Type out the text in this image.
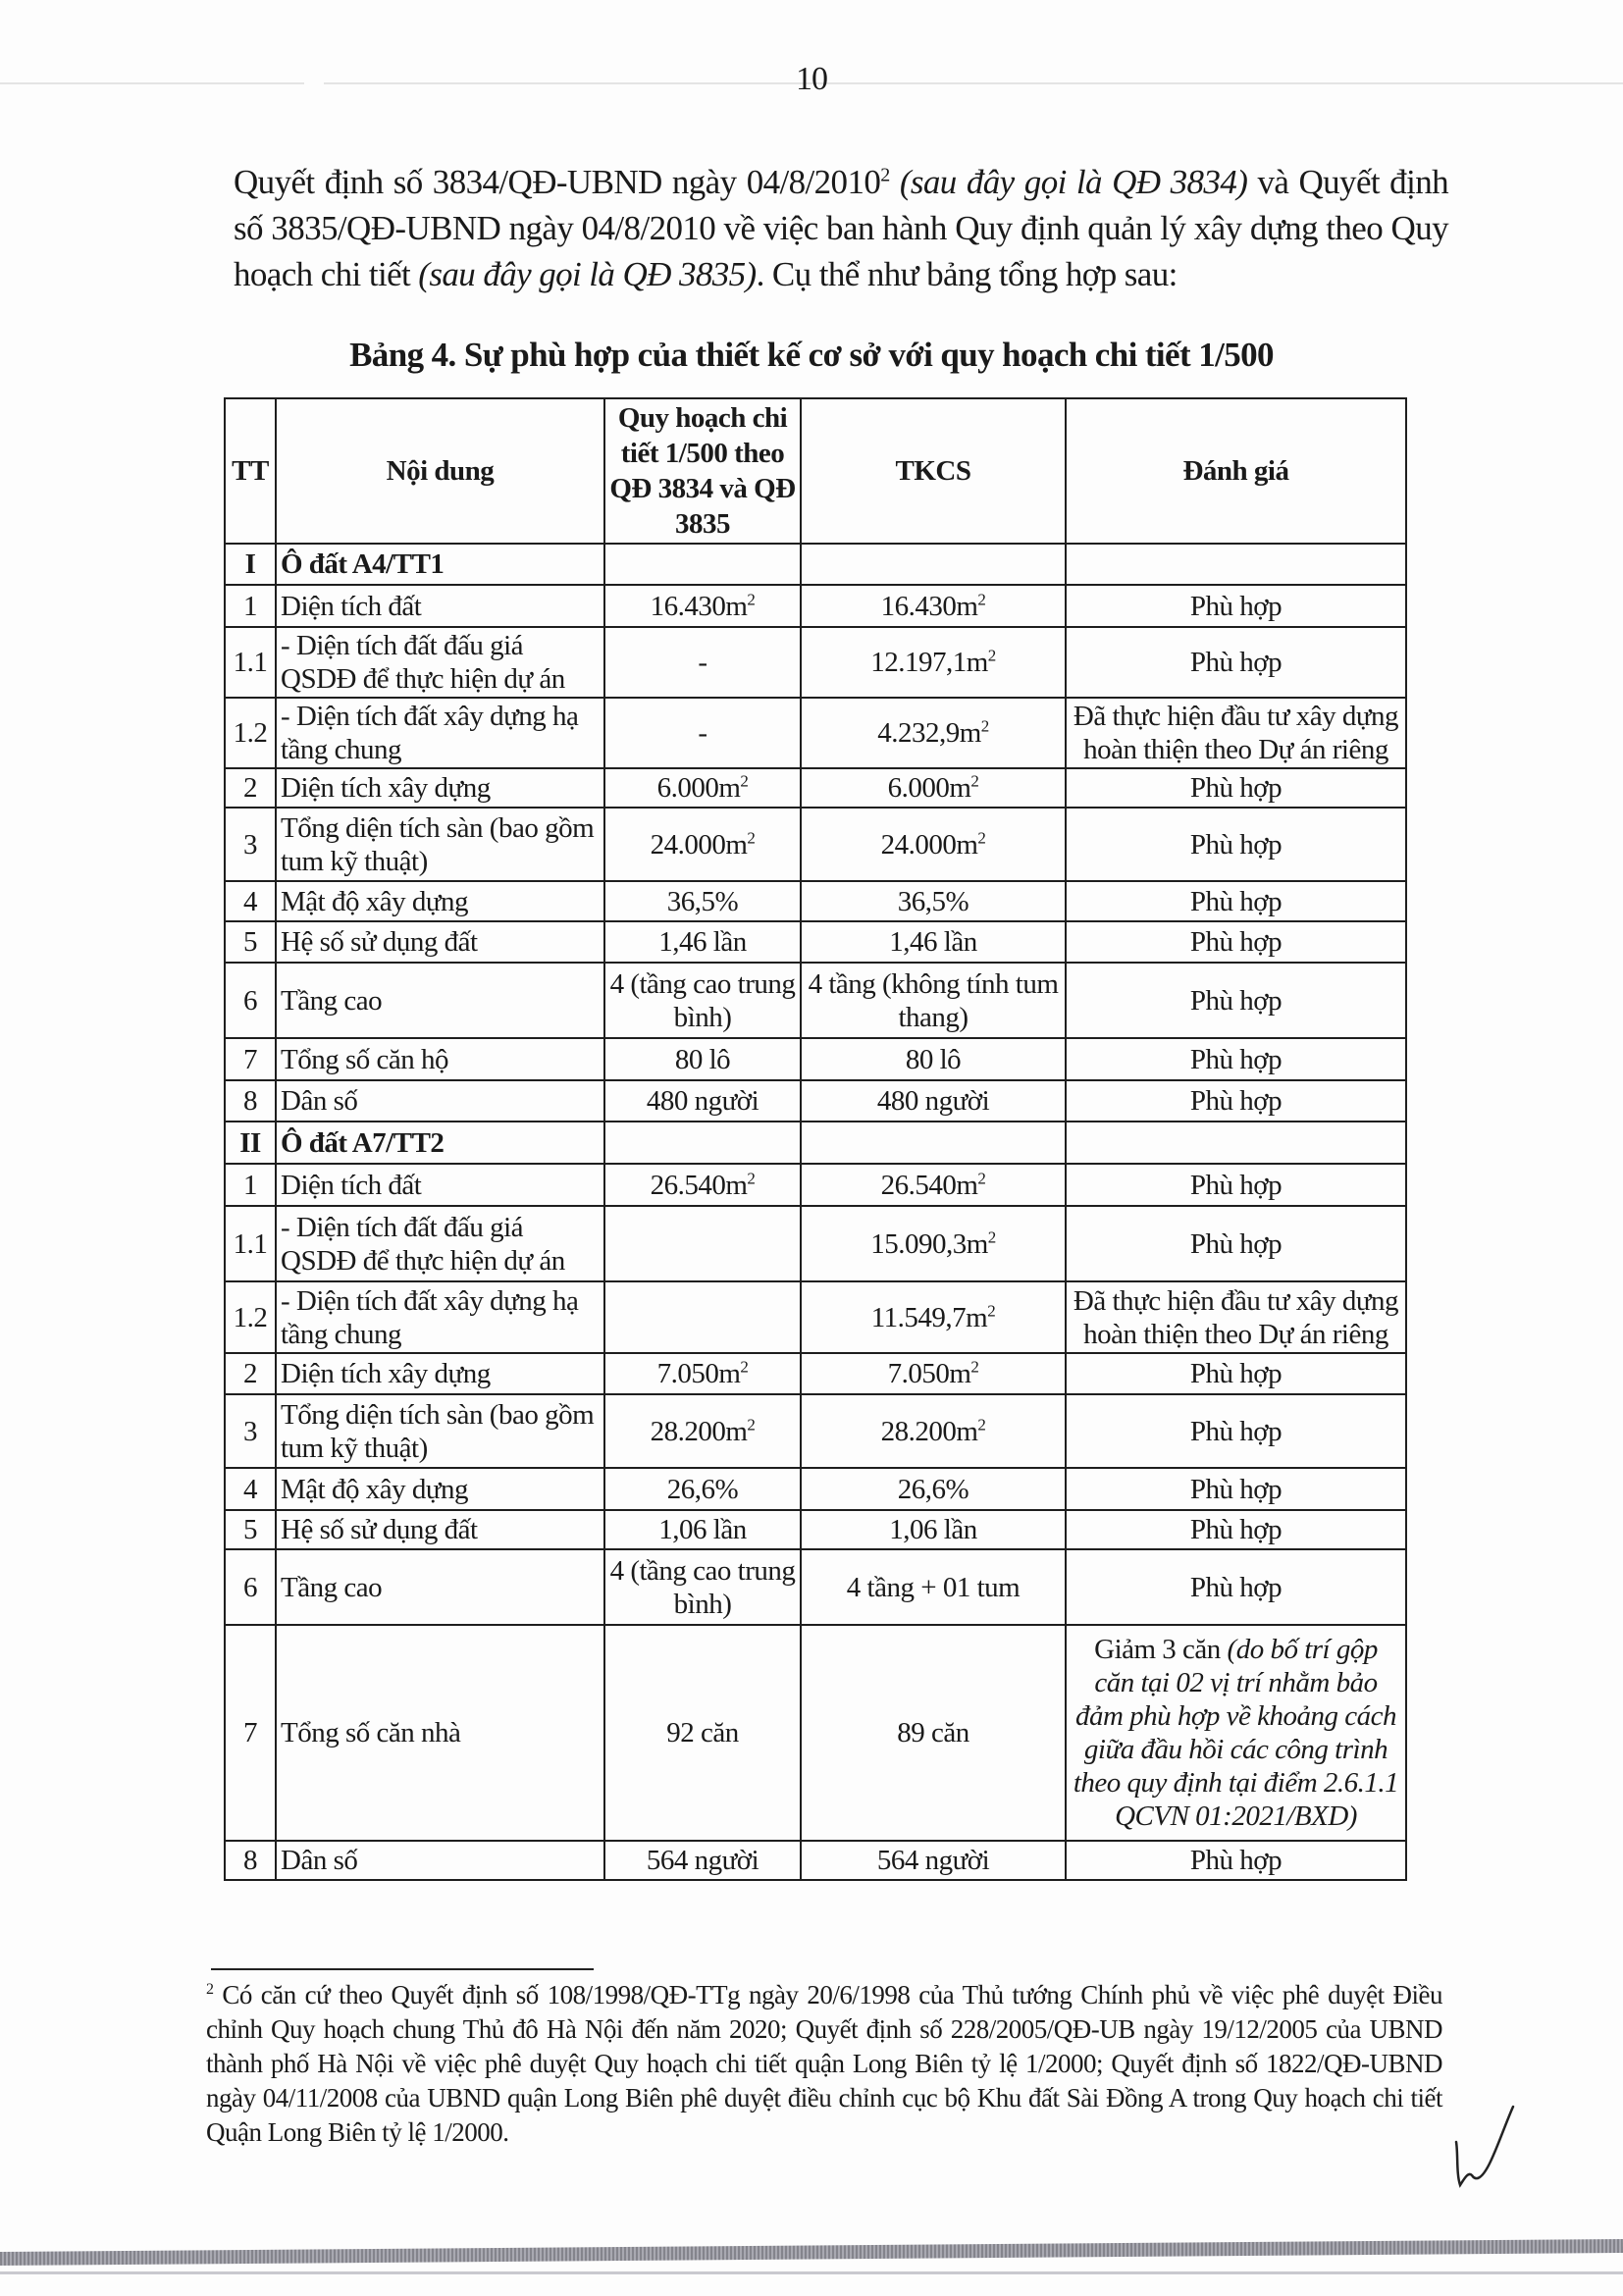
10
Quyết định số 3834/QĐ-UBND ngày 04/8/2010$^2$ (sau đây gọi là QĐ 3834) và Quyết định số 3835/QĐ-UBND ngày 04/8/2010 về việc ban hành Quy định quản lý xây dựng theo Quy hoạch chi tiết (sau đây gọi là QĐ 3835). Cụ thể như bảng tổng hợp sau:
Bảng 4. Sự phù hợp của thiết kế cơ sở với quy hoạch chi tiết 1/500
TT	Nội dung	Quy hoạch chi tiết 1/500 theo QĐ 3834 và QĐ 3835	TKCS	Đánh giá
I	Ô đất A4/TT1			
1	Diện tích đất	$16.430m^2$	$16.430m^2$	Phù hợp
1.1	- Diện tích đất đấu giá QSDĐ để thực hiện dự án	-	$12.197,1m^2$	Phù hợp
1.2	- Diện tích đất xây dựng hạ tầng chung	-	$4.232,9m^2$	Đã thực hiện đầu tư xây dựng hoàn thiện theo Dự án riêng
2	Diện tích xây dựng	$6.000m^2$	$6.000m^2$	Phù hợp
3	Tổng diện tích sàn (bao gồm tum kỹ thuật)	$24.000m^2$	$24.000m^2$	Phù hợp
4	Mật độ xây dựng	36,5%	36,5%	Phù hợp
5	Hệ số sử dụng đất	1,46 lần	1,46 lần	Phù hợp
6	Tầng cao	4 (tầng cao trung bình)	4 tầng (không tính tum thang)	Phù hợp
7	Tổng số căn hộ	80 lô	80 lô	Phù hợp
8	Dân số	480 người	480 người	Phù hợp
II	Ô đất A7/TT2			
1	Diện tích đất	$26.540m^2$	$26.540m^2$	Phù hợp
1.1	- Diện tích đất đấu giá QSDĐ để thực hiện dự án		$15.090,3m^2$	Phù hợp
1.2	- Diện tích đất xây dựng hạ tầng chung		$11.549,7m^2$	Đã thực hiện đầu tư xây dựng hoàn thiện theo Dự án riêng
2	Diện tích xây dựng	$7.050m^2$	$7.050m^2$	Phù hợp
3	Tổng diện tích sàn (bao gồm tum kỹ thuật)	$28.200m^2$	$28.200m^2$	Phù hợp
4	Mật độ xây dựng	26,6%	26,6%	Phù hợp
5	Hệ số sử dụng đất	1,06 lần	1,06 lần	Phù hợp
6	Tầng cao	4 (tầng cao trung bình)	4 tầng + 01 tum	Phù hợp
7	Tổng số căn nhà	92 căn	89 căn	Giảm 3 căn (do bố trí gộp căn tại 02 vị trí nhằm bảo đảm phù hợp về khoảng cách giữa đầu hồi các công trình theo quy định tại điểm 2.6.1.1 QCVN 01:2021/BXD)
8	Dân số	564 người	564 người	Phù hợp
$^2$ Có căn cứ theo Quyết định số 108/1998/QĐ-TTg ngày 20/6/1998 của Thủ tướng Chính phủ về việc phê duyệt Điều chỉnh Quy hoạch chung Thủ đô Hà Nội đến năm 2020; Quyết định số 228/2005/QĐ-UB ngày 19/12/2005 của UBND thành phố Hà Nội về việc phê duyệt Quy hoạch chi tiết quận Long Biên tỷ lệ 1/2000; Quyết định số 1822/QĐ-UBND ngày 04/11/2008 của UBND quận Long Biên phê duyệt điều chỉnh cục bộ Khu đất Sài Đồng A trong Quy hoạch chi tiết Quận Long Biên tỷ lệ 1/2000.
